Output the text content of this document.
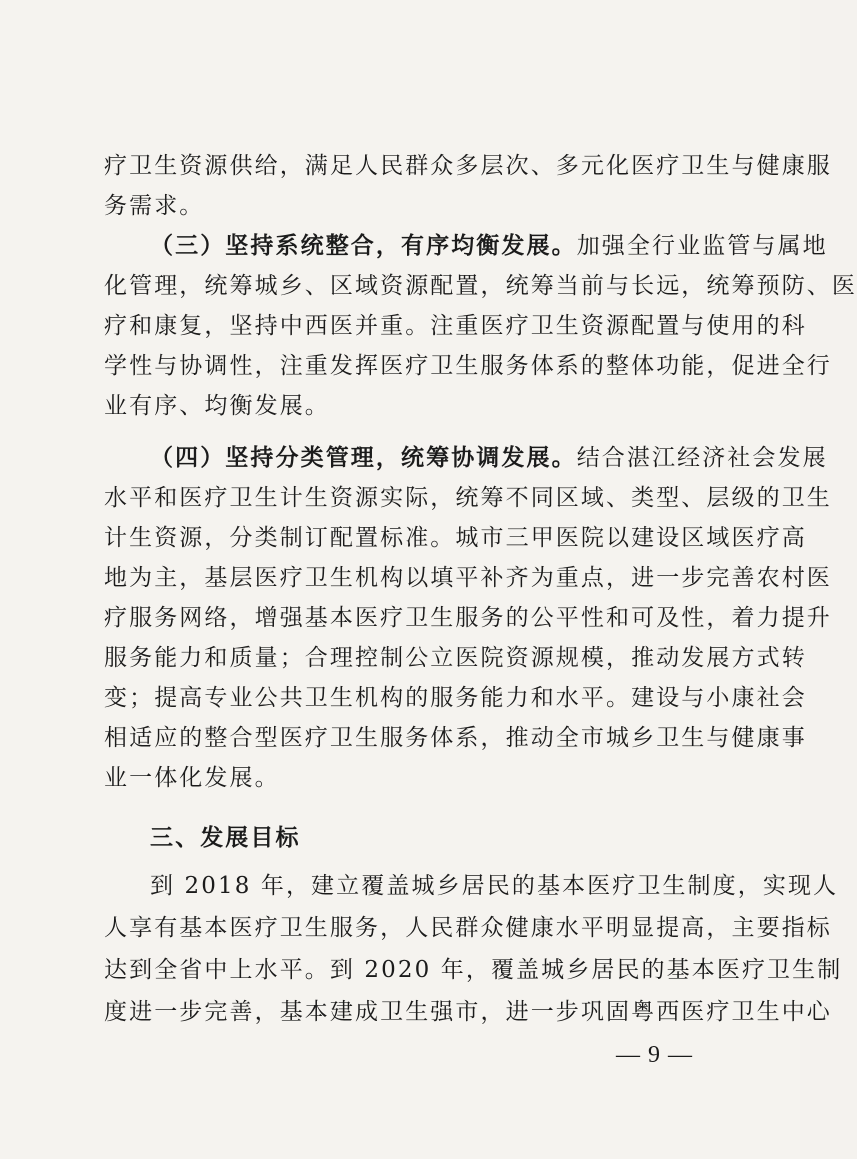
疗卫生资源供给，满足人民群众多层次、多元化医疗卫生与健康服
务需求。
（三）坚持系统整合，有序均衡发展。加强全行业监管与属地
化管理，统筹城乡、区域资源配置，统筹当前与长远，统筹预防、医
疗和康复，坚持中西医并重。注重医疗卫生资源配置与使用的科
学性与协调性，注重发挥医疗卫生服务体系的整体功能，促进全行
业有序、均衡发展。
（四）坚持分类管理，统筹协调发展。结合湛江经济社会发展
水平和医疗卫生计生资源实际，统筹不同区域、类型、层级的卫生
计生资源，分类制订配置标准。城市三甲医院以建设区域医疗高
地为主，基层医疗卫生机构以填平补齐为重点，进一步完善农村医
疗服务网络，增强基本医疗卫生服务的公平性和可及性，着力提升
服务能力和质量；合理控制公立医院资源规模，推动发展方式转
变；提高专业公共卫生机构的服务能力和水平。建设与小康社会
相适应的整合型医疗卫生服务体系，推动全市城乡卫生与健康事
业一体化发展。
三、发展目标
到 2018 年，建立覆盖城乡居民的基本医疗卫生制度，实现人
人享有基本医疗卫生服务，人民群众健康水平明显提高，主要指标
达到全省中上水平。到 2020 年，覆盖城乡居民的基本医疗卫生制
度进一步完善，基本建成卫生强市，进一步巩固粤西医疗卫生中心
— 9 —
